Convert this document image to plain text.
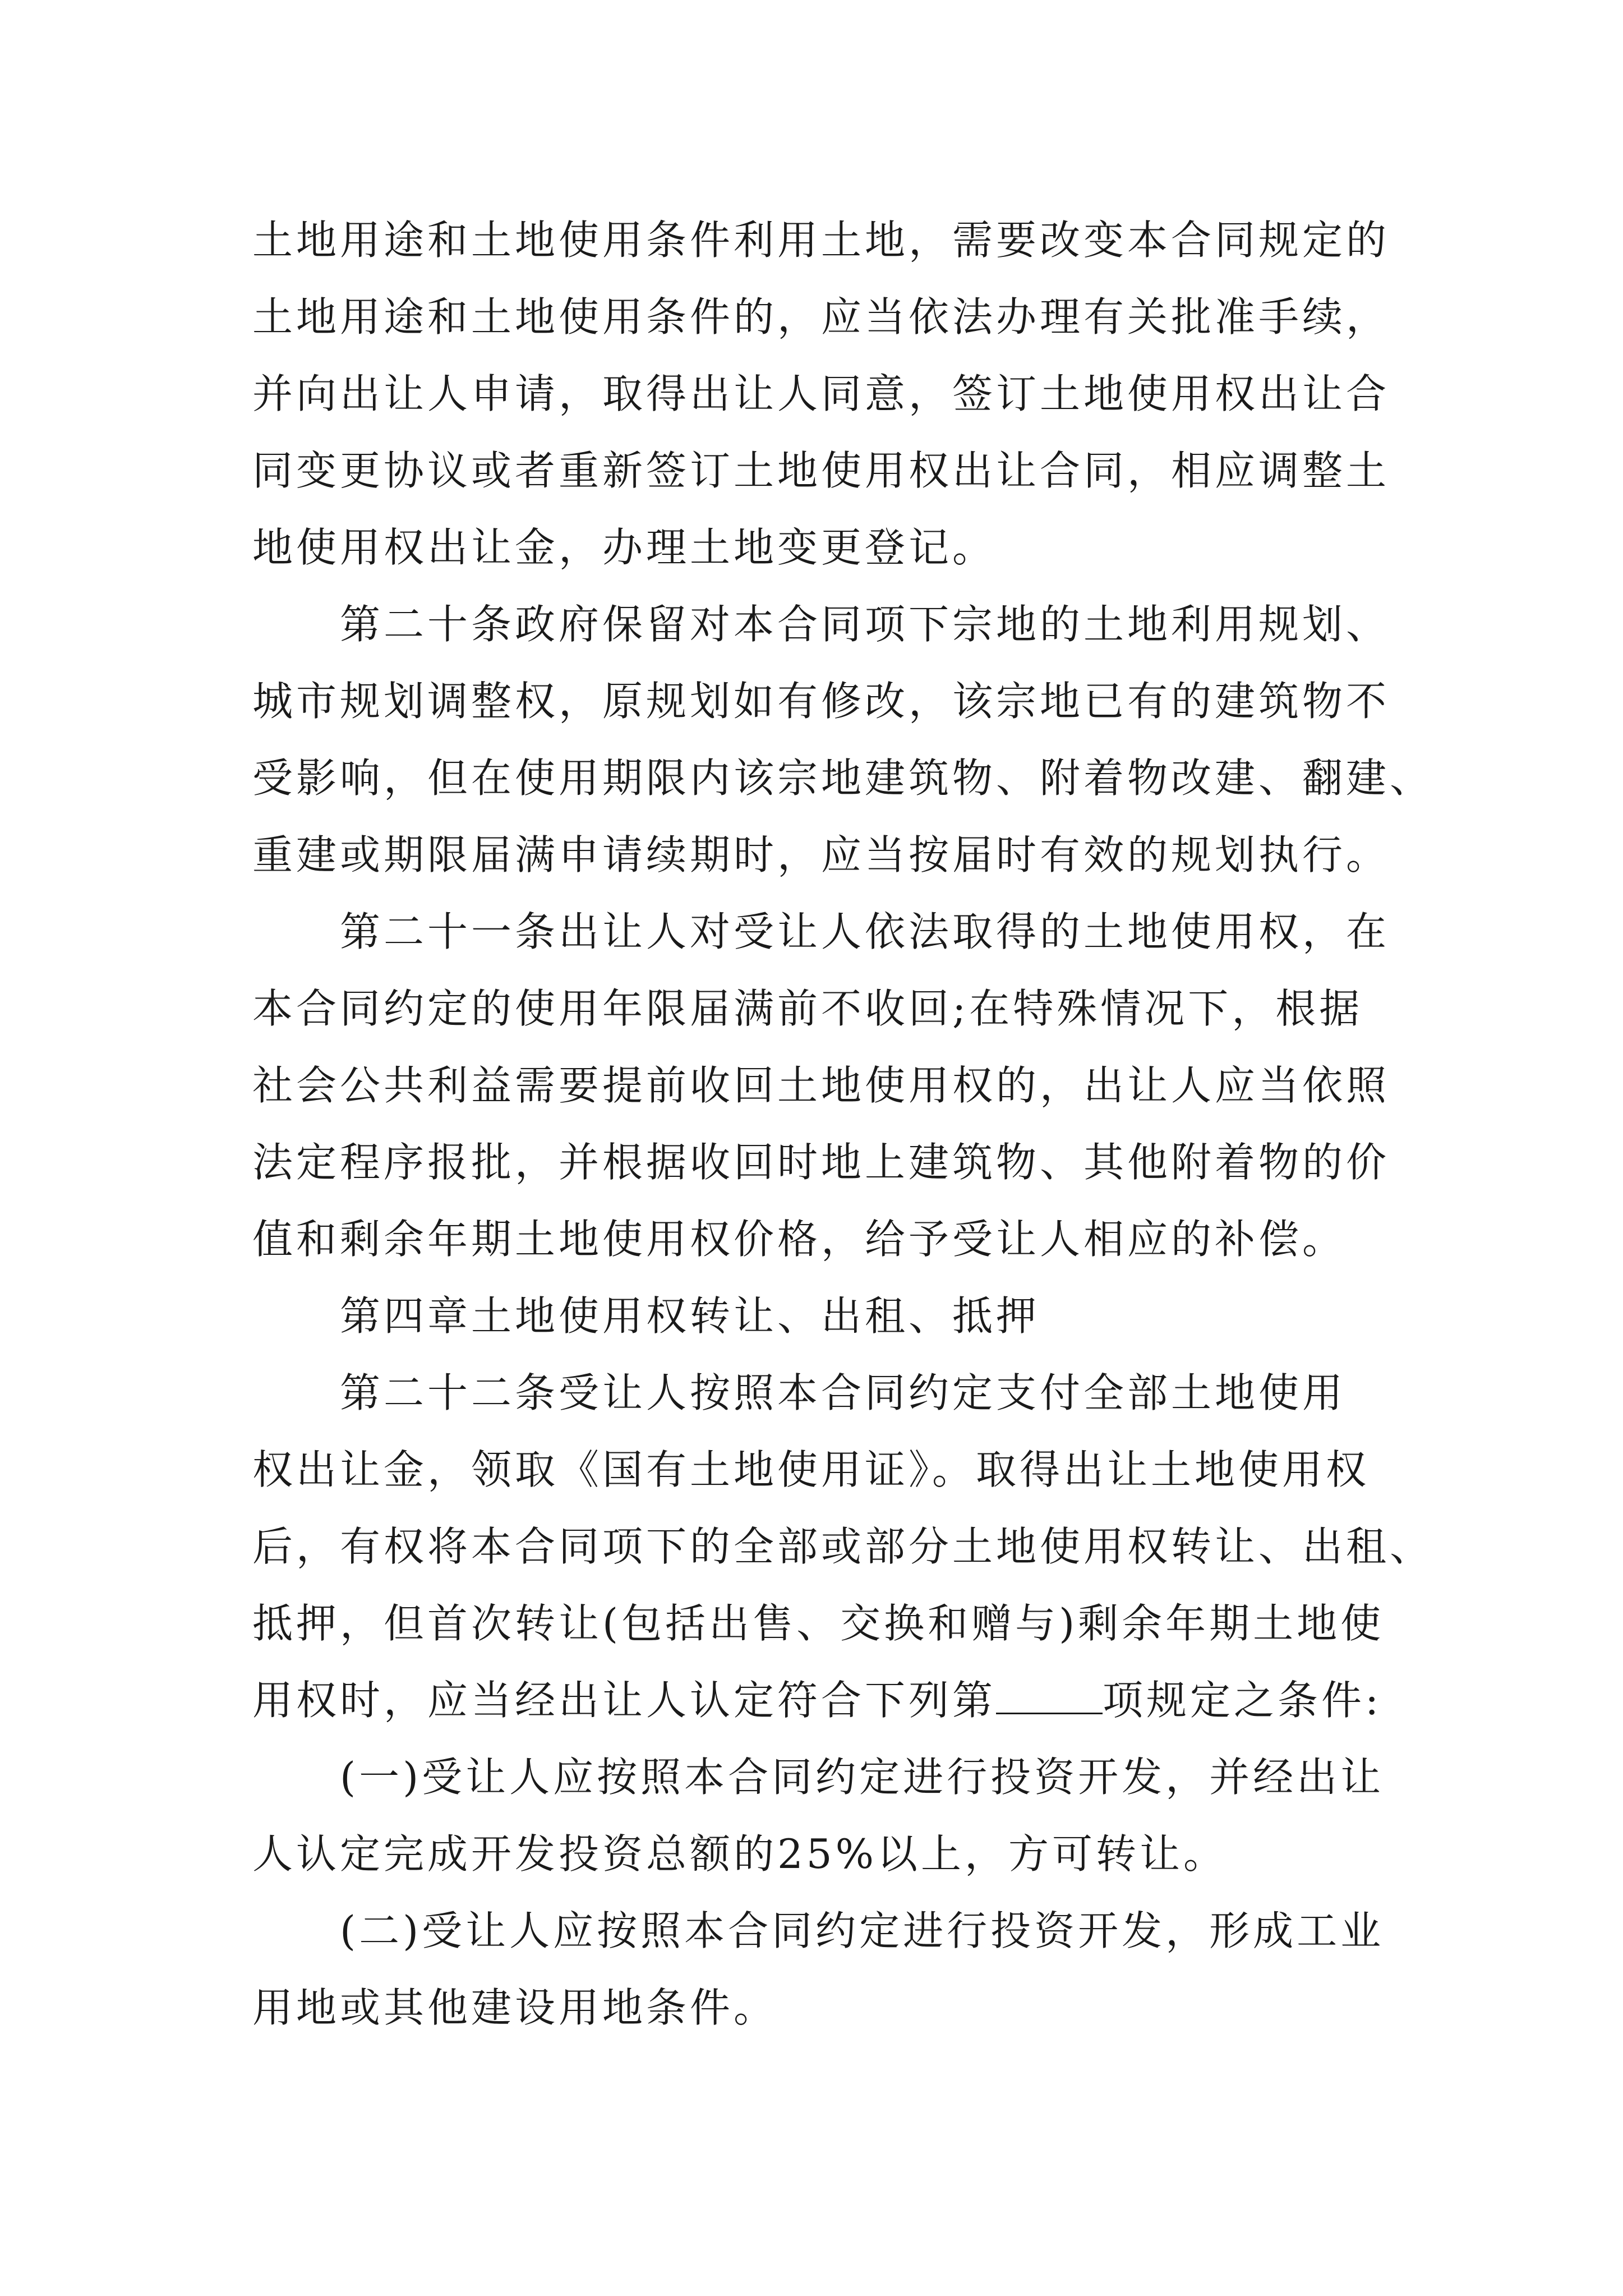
土地用途和土地使用条件利用土地，需要改变本合同规定的
土地用途和土地使用条件的，应当依法办理有关批准手续，
并向出让人申请，取得出让人同意，签订土地使用权出让合
同变更协议或者重新签订土地使用权出让合同，相应调整土
地使用权出让金，办理土地变更登记。

第二十条政府保留对本合同项下宗地的土地利用规划、
城市规划调整权，原规划如有修改，该宗地已有的建筑物不
受影响，但在使用期限内该宗地建筑物、附着物改建、翻建、
重建或期限届满申请续期时，应当按届时有效的规划执行。

第二十一条出让人对受让人依法取得的土地使用权，在
本合同约定的使用年限届满前不收回;在特殊情况下，根据
社会公共利益需要提前收回土地使用权的，出让人应当依照
法定程序报批，并根据收回时地上建筑物、其他附着物的价
值和剩余年期土地使用权价格，给予受让人相应的补偿。

第四章土地使用权转让、出租、抵押

第二十二条受让人按照本合同约定支付全部土地使用
权出让金，领取《国有土地使用证》。取得出让土地使用权
后，有权将本合同项下的全部或部分土地使用权转让、出租、
抵押，但首次转让(包括出售、交换和赠与)剩余年期土地使
用权时，应当经出让人认定符合下列第	项规定之条件:

(一)受让人应按照本合同约定进行投资开发，并经出让
人认定完成开发投资总额的25%以上，方可转让。

(二)受让人应按照本合同约定进行投资开发，形成工业
用地或其他建设用地条件。
